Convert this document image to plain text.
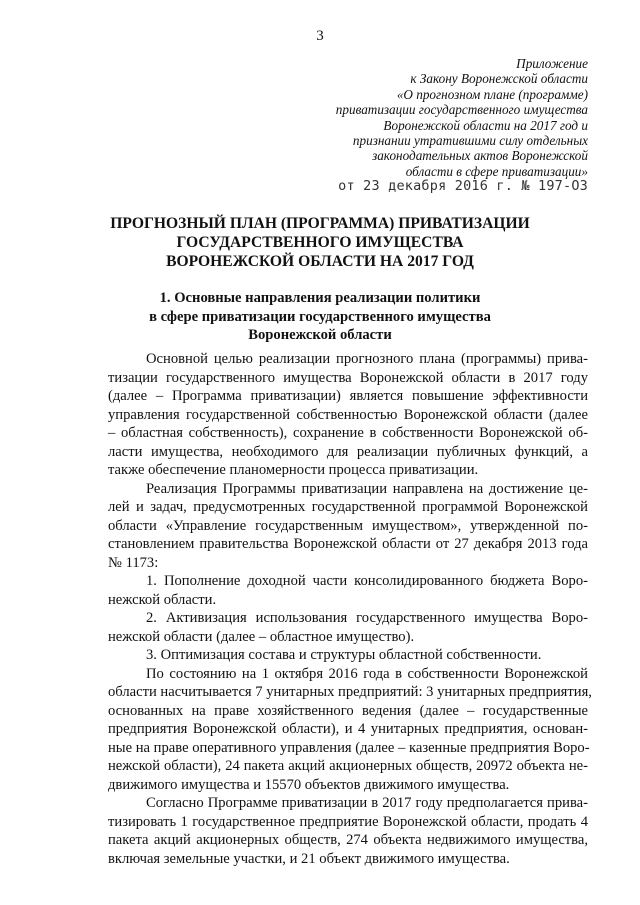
3
Приложение
к Закону Воронежской области
«О прогнозном плане (программе)
приватизации государственного имущества
Воронежской области на 2017 год и
признании утратившими силу отдельных
законодательных актов Воронежской
области в сфере приватизации»
от 23 декабря 2016 г. № 197-ОЗ
ПРОГНОЗНЫЙ ПЛАН (ПРОГРАММА) ПРИВАТИЗАЦИИ
ГОСУДАРСТВЕННОГО ИМУЩЕСТВА
ВОРОНЕЖСКОЙ ОБЛАСТИ НА 2017 ГОД
1. Основные направления реализации политики
в сфере приватизации государственного имущества
Воронежской области

Основной целью реализации прогнозного плана (программы) прива-
тизации государственного имущества Воронежской области в 2017 году
(далее – Программа приватизации) является повышение эффективности
управления государственной собственностью Воронежской области (далее
– областная собственность), сохранение в собственности Воронежской об-
ласти имущества, необходимого для реализации публичных функций, а
также обеспечение планомерности процесса приватизации.

Реализация Программы приватизации направлена на достижение це-
лей и задач, предусмотренных государственной программой Воронежской
области «Управление государственным имуществом», утвержденной по-
становлением правительства Воронежской области от 27 декабря 2013 года
№ 1173:

1. Пополнение доходной части консолидированного бюджета Воро-
нежской области.

2. Активизация использования государственного имущества Воро-
нежской области (далее – областное имущество).

3. Оптимизация состава и структуры областной собственности.

По состоянию на 1 октября 2016 года в собственности Воронежской
области насчитывается 7 унитарных предприятий: 3 унитарных предприятия,
основанных на праве хозяйственного ведения (далее – государственные
предприятия Воронежской области), и 4 унитарных предприятия, основан-
ные на праве оперативного управления (далее – казенные предприятия Воро-
нежской области), 24 пакета акций акционерных обществ, 20972 объекта не-
движимого имущества и 15570 объектов движимого имущества.

Согласно Программе приватизации в 2017 году предполагается прива-
тизировать 1 государственное предприятие Воронежской области, продать 4
пакета акций акционерных обществ, 274 объекта недвижимого имущества,
включая земельные участки, и 21 объект движимого имущества.
